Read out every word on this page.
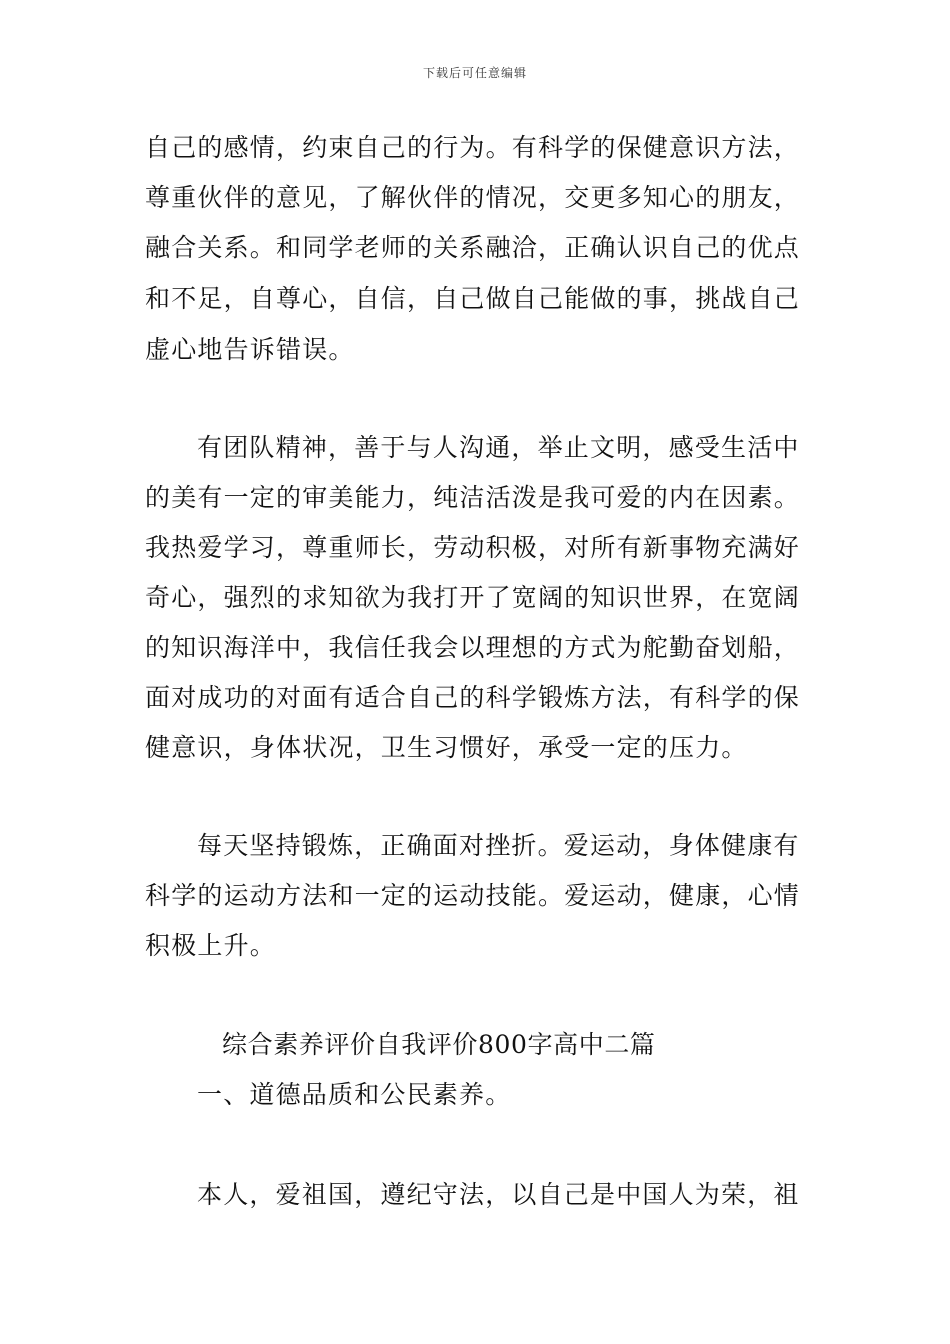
下载后可任意编辑
自己的感情，约束自己的行为。有科学的保健意识方法，
尊重伙伴的意见，了解伙伴的情况，交更多知心的朋友，
融合关系。和同学老师的关系融洽，正确认识自己的优点
和不足，自尊心，自信，自己做自己能做的事，挑战自己
虚心地告诉错误。
有团队精神，善于与人沟通，举止文明，感受生活中
的美有一定的审美能力，纯洁活泼是我可爱的内在因素。
我热爱学习，尊重师长，劳动积极，对所有新事物充满好
奇心，强烈的求知欲为我打开了宽阔的知识世界，在宽阔
的知识海洋中，我信任我会以理想的方式为舵勤奋划船，
面对成功的对面有适合自己的科学锻炼方法，有科学的保
健意识，身体状况，卫生习惯好，承受一定的压力。
每天坚持锻炼，正确面对挫折。爱运动，身体健康有
科学的运动方法和一定的运动技能。爱运动，健康，心情
积极上升。
综合素养评价自我评价800字高中二篇
一、道德品质和公民素养。
本人，爱祖国，遵纪守法，以自己是中国人为荣，祖
